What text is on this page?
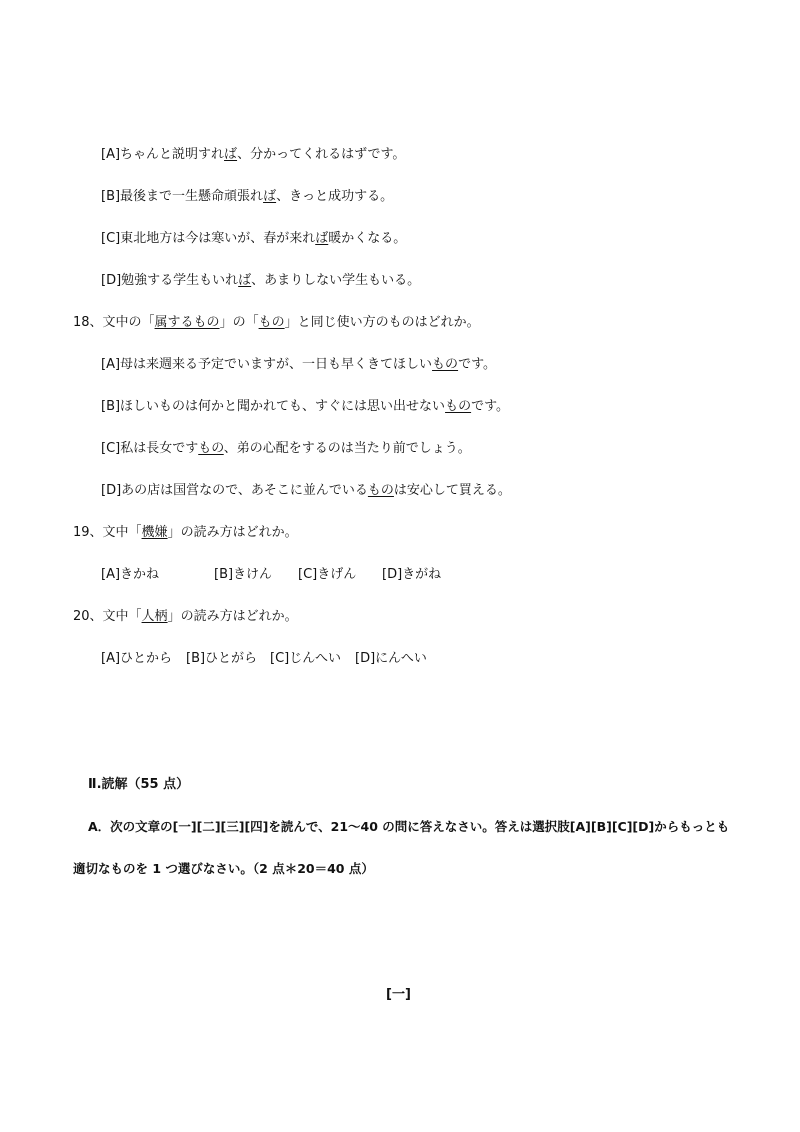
[A]ちゃんと説明すれば、分かってくれるはずです。
[B]最後まで一生懸命頑張れば、きっと成功する。
[C]東北地方は今は寒いが、春が来れば暖かくなる。
[D]勉強する学生もいれば、あまりしない学生もいる。
18、文中の「属するもの」の「もの」と同じ使い方のものはどれか。
[A]母は来週来る予定でいますが、一日も早くきてほしいものです。
[B]ほしいものは何かと聞かれても、すぐには思い出せないものです。
[C]私は長女ですもの、弟の心配をするのは当たり前でしょう。
[D]あの店は国営なので、あそこに並んでいるものは安心して買える。
19、文中「機嫌」の読み方はどれか。
[A]きかね	[B]きけん [C]きげん [D]きがね
20、文中「人柄」の読み方はどれか。
[A]ひとから [B]ひとがら [C]じんへい [D]にんへい
Ⅱ.読解（55 点）
A．次の文章の[一][二][三][四]を読んで、21～40 の問に答えなさい。答えは選択肢[A][B][C][D]からもっとも
適切なものを 1 つ選びなさい。（2 点＊20＝40 点）
[一]
